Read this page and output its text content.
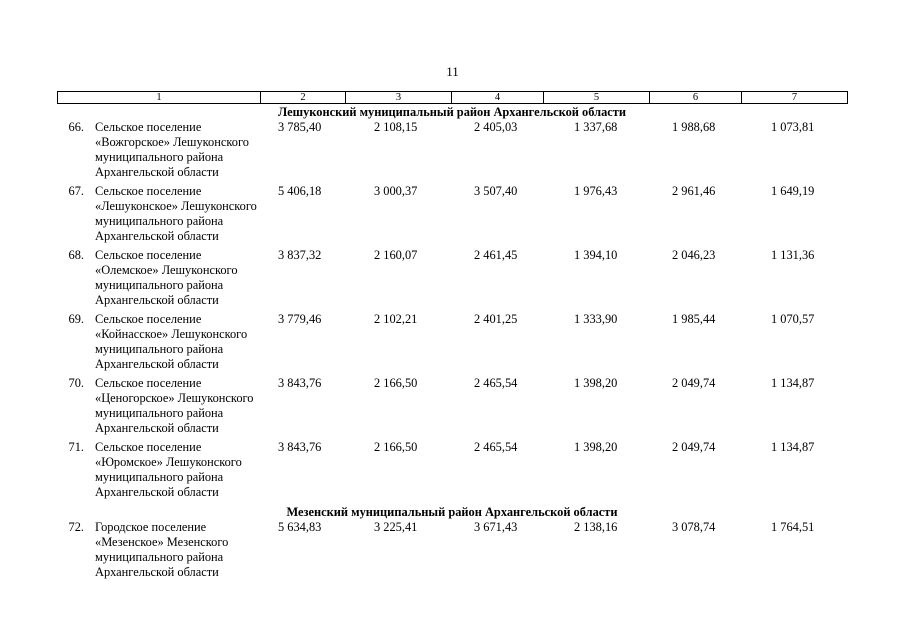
11
1	2	3	4	5	6	7
Лешуконский муниципальный район Архангельской области
66. Сельское поселение
«Вожгорское» Лешуконского
муниципального района
Архангельской области
3 785,40	2 108,15	2 405,03	1 337,68	1 988,68	1 073,81
67. Сельское поселение
«Лешуконское» Лешуконского
муниципального района
Архангельской области
5 406,18	3 000,37	3 507,40	1 976,43	2 961,46	1 649,19
68. Сельское поселение
«Олемское» Лешуконского
муниципального района
Архангельской области
3 837,32	2 160,07	2 461,45	1 394,10	2 046,23	1 131,36
69. Сельское поселение
«Койнасское» Лешуконского
муниципального района
Архангельской области
3 779,46	2 102,21	2 401,25	1 333,90	1 985,44	1 070,57
70. Сельское поселение
«Ценогорское» Лешуконского
муниципального района
Архангельской области
3 843,76	2 166,50	2 465,54	1 398,20	2 049,74	1 134,87
71. Сельское поселение
«Юромское» Лешуконского
муниципального района
Архангельской области
3 843,76	2 166,50	2 465,54	1 398,20	2 049,74	1 134,87
Мезенский муниципальный район Архангельской области
72. Городское поселение
«Мезенское» Мезенского
муниципального района
Архангельской области
5 634,83	3 225,41	3 671,43	2 138,16	3 078,74	1 764,51
